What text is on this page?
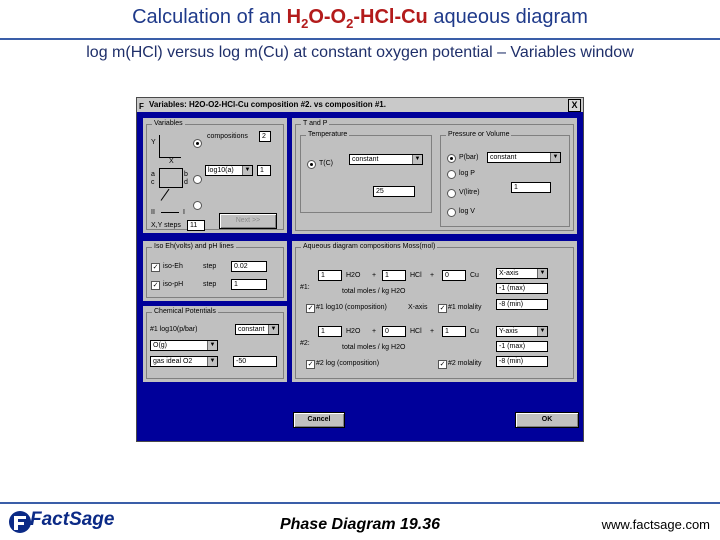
Calculation of an $H_2O-O_2-HCl-Cu$ aqueous diagram
log m(HCl) versus log m(Cu) at constant oxygen potential – Variables window
F Variables: H2O-O2-HCl-Cu composition #2. vs composition #1.	X
Variables
Y
X
a
c
b
d
II	I
X,Y steps	11
compositions	2
log10(a)	▼	1
Next >>
Iso Eh(volts) and pH lines
✓ iso-Eh	step	0.02
✓ iso-pH	step	1
Chemical Potentials
#1 log10(p/bar)	constant	▼
O(g)	▼
gas ideal O2	▼	-50
T and P
Temperature
T(C)
constant	▼
25
Pressure or Volume
P(bar)	constant	▼
log P
V(litre)
1
log V
Aqueous diagram compositions Moss(mol)
#1:
1	H2O +	1	HCl +	0	Cu
total moles / kg H2O
X-axis	▼
-1 (max)
-8 (min)
✓ #1 log10 (composition)	X-axis ✓ #1 molality
#2:
1	H2O +	0	HCl +	1	Cu
total moles / kg H2O
Y-axis	▼
-1 (max)
-8 (min)
✓ #2 log (composition)	✓ #2 molality
Cancel	OK
FactSage	Phase Diagram 19.36	www.factsage.com
